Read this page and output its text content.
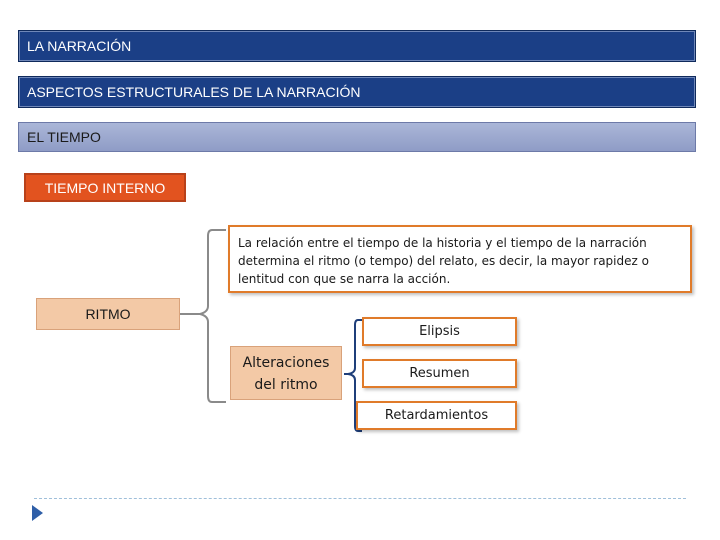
LA NARRACIÓN
ASPECTOS ESTRUCTURALES DE LA NARRACIÓN
EL TIEMPO
TIEMPO INTERNO
La relación entre el tiempo de la historia y el tiempo de la narración determina el ritmo (o tempo) del relato, es decir, la mayor rapidez o lentitud con que se narra la acción.
RITMO
Alteraciones del ritmo
Elipsis
Resumen
Retardamientos
